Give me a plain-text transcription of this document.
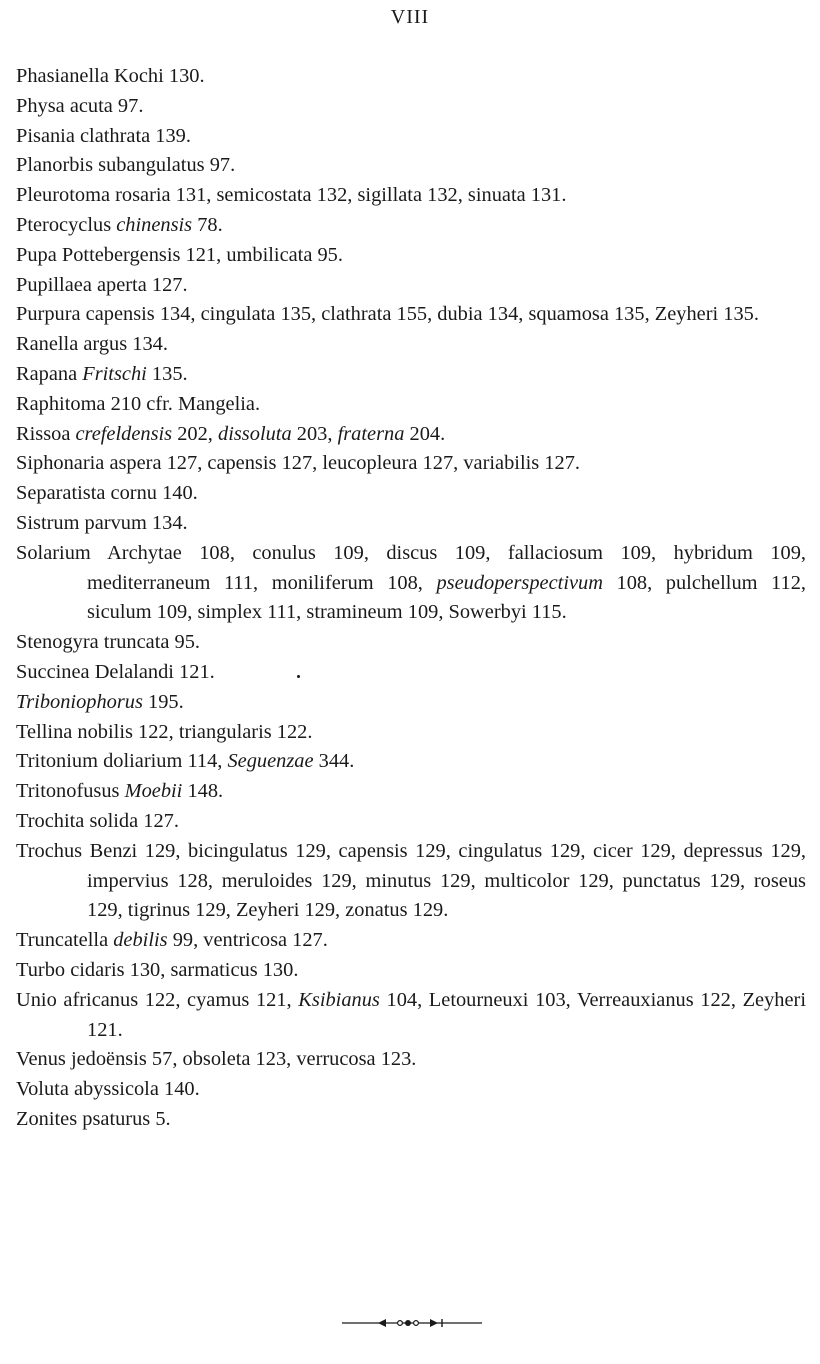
VIII
Phasianella Kochi 130.
Physa acuta 97.
Pisania clathrata 139.
Planorbis subangulatus 97.
Pleurotoma rosaria 131, semicostata 132, sigillata 132, sinuata 131.
Pterocyclus chinensis 78.
Pupa Pottebergensis 121, umbilicata 95.
Pupillaea aperta 127.
Purpura capensis 134, cingulata 135, clathrata 155, dubia 134, squamosa 135, Zeyheri 135.
Ranella argus 134.
Rapana Fritschi 135.
Raphitoma 210 cfr. Mangelia.
Rissoa crefeldensis 202, dissoluta 203, fraterna 204.
Siphonaria aspera 127, capensis 127, leucopleura 127, variabilis 127.
Separatista cornu 140.
Sistrum parvum 134.
Solarium Archytae 108, conulus 109, discus 109, fallaciosum 109, hybridum 109, mediterraneum 111, moniliferum 108, pseudoperspectivum 108, pulchellum 112, siculum 109, simplex 111, stramineum 109, Sowerbyi 115.
Stenogyra truncata 95.
Succinea Delalandi 121.
Triboniophorus 195.
Tellina nobilis 122, triangularis 122.
Tritonium doliarium 114, Seguenzae 344.
Tritonofusus Moebii 148.
Trochita solida 127.
Trochus Benzi 129, bicingulatus 129, capensis 129, cingulatus 129, cicer 129, depressus 129, impervius 128, meruloides 129, minutus 129, multicolor 129, punctatus 129, roseus 129, tigrinus 129, Zeyheri 129, zonatus 129.
Truncatella debilis 99, ventricosa 127.
Turbo cidaris 130, sarmaticus 130.
Unio africanus 122, cyamus 121, Ksibianus 104, Letourneuxi 103, Verreauxianus 122, Zeyheri 121.
Venus jedoënsis 57, obsoleta 123, verrucosa 123.
Voluta abyssicola 140.
Zonites psaturus 5.
